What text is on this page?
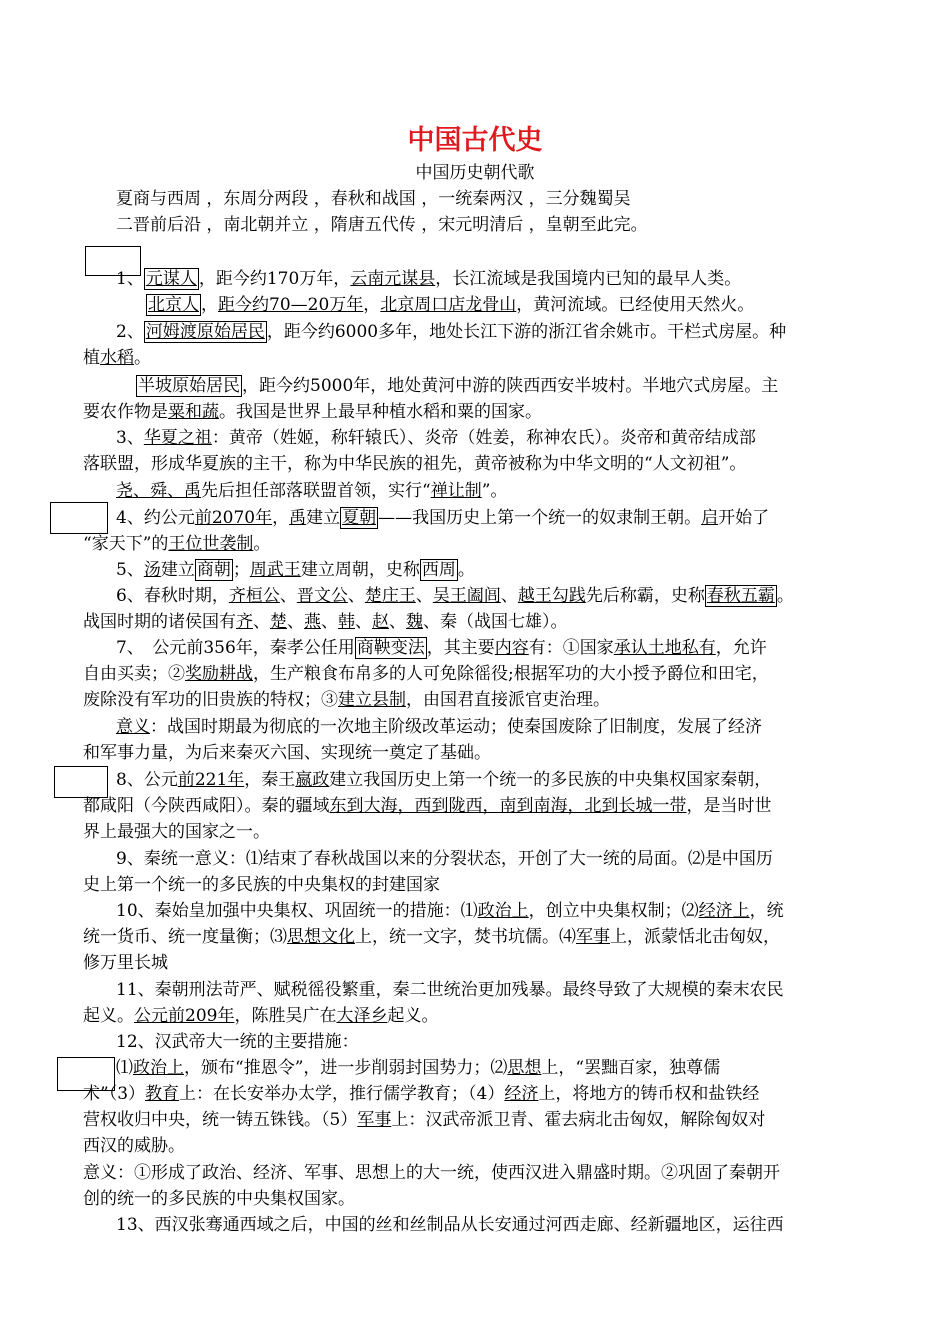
中国古代史
中国历史朝代歌
夏商与西周 ，东周分两段 ，春秋和战国 ，一统秦两汉 ，三分魏蜀吴
二晋前后沿 ，南北朝并立 ，隋唐五代传 ，宋元明清后 ，皇朝至此完。
1、 元谋人 ，距今约170万年，云南元谋县，长江流域是我国境内已知的最早人类。
北京人 ，距今约70—20万年，北京周口店龙骨山，黄河流域。已经使用天然火。
2、 河姆渡原始居民 ，距今约6000多年，地处长江下游的浙江省余姚市。干栏式房屋。种
植水稻。
半坡原始居民 ，距今约5000年，地处黄河中游的陕西西安半坡村。半地穴式房屋。主
要农作物是粟和蔬。我国是世界上最早种植水稻和粟的国家。
3、华夏之祖：黄帝（姓姬，称轩辕氏）、炎帝（姓姜，称神农氏）。炎帝和黄帝结成部
落联盟，形成华夏族的主干，称为中华民族的祖先，黄帝被称为中华文明的“人文初祖”。
尧、舜、禹先后担任部落联盟首领，实行“禅让制”。
4、约公元前2070年，禹建立 夏朝 ——我国历史上第一个统一的奴隶制王朝。启开始了
“家天下”的王位世袭制。
5、汤建立 商朝 ；周武王建立周朝，史称 西周 。
6、春秋时期，齐桓公、晋文公、楚庄王、吴王阖闾、越王勾践先后称霸，史称 春秋五霸 。
战国时期的诸侯国有齐、楚、燕、韩、赵、魏、秦（战国七雄）。
7、　公元前356年，秦孝公任用 商鞅变法 ，其主要内容有：①国家承认土地私有，允许
自由买卖；②奖励耕战，生产粮食布帛多的人可免除徭役;根据军功的大小授予爵位和田宅，
废除没有军功的旧贵族的特权；③建立县制，由国君直接派官吏治理。
意义：战国时期最为彻底的一次地主阶级改革运动；使秦国废除了旧制度，发展了经济
和军事力量，为后来秦灭六国、实现统一奠定了基础。
8、公元前221年，秦王嬴政建立我国历史上第一个统一的多民族的中央集权国家秦朝，
都咸阳（今陕西咸阳）。秦的疆域东到大海，西到陇西，南到南海，北到长城一带，是当时世
界上最强大的国家之一。
9、秦统一意义：⑴结束了春秋战国以来的分裂状态，开创了大一统的局面。⑵是中国历
史上第一个统一的多民族的中央集权的封建国家
10、秦始皇加强中央集权、巩固统一的措施：⑴政治上，创立中央集权制；⑵经济上，统
统一货币、统一度量衡；⑶思想文化上，统一文字，焚书坑儒。⑷军事上，派蒙恬北击匈奴，
修万里长城
11、秦朝刑法苛严、赋税徭役繁重，秦二世统治更加残暴。最终导致了大规模的秦末农民
起义。公元前209年，陈胜吴广在大泽乡起义。
12、汉武帝大一统的主要措施：
⑴政治上，颁布“推恩令”，进一步削弱封国势力；⑵思想上，“罢黜百家，独尊儒
术”（3）教育上：在长安举办太学，推行儒学教育；（4）经济上，将地方的铸币权和盐铁经
营权收归中央，统一铸五铢钱。（5）军事上：汉武帝派卫青、霍去病北击匈奴，解除匈奴对
西汉的威胁。
意义：①形成了政治、经济、军事、思想上的大一统，使西汉进入鼎盛时期。②巩固了秦朝开
创的统一的多民族的中央集权国家。
13、西汉张骞通西域之后，中国的丝和丝制品从长安通过河西走廊、经新疆地区，运往西
